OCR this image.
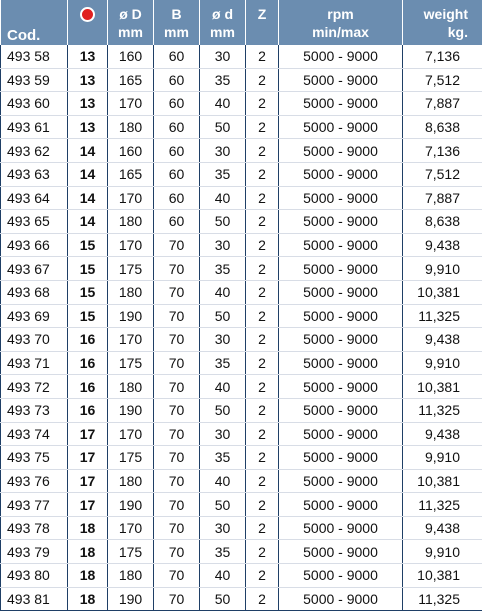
Cod.		ø D	B	ø d	Z	rpm	weight
		mm	mm	mm		min/max	kg.
493 58	13	160	60	30	2	5000 - 9000	7,136
493 59	13	165	60	35	2	5000 - 9000	7,512
493 60	13	170	60	40	2	5000 - 9000	7,887
493 61	13	180	60	50	2	5000 - 9000	8,638
493 62	14	160	60	30	2	5000 - 9000	7,136
493 63	14	165	60	35	2	5000 - 9000	7,512
493 64	14	170	60	40	2	5000 - 9000	7,887
493 65	14	180	60	50	2	5000 - 9000	8,638
493 66	15	170	70	30	2	5000 - 9000	9,438
493 67	15	175	70	35	2	5000 - 9000	9,910
493 68	15	180	70	40	2	5000 - 9000	10,381
493 69	15	190	70	50	2	5000 - 9000	11,325
493 70	16	170	70	30	2	5000 - 9000	9,438
493 71	16	175	70	35	2	5000 - 9000	9,910
493 72	16	180	70	40	2	5000 - 9000	10,381
493 73	16	190	70	50	2	5000 - 9000	11,325
493 74	17	170	70	30	2	5000 - 9000	9,438
493 75	17	175	70	35	2	5000 - 9000	9,910
493 76	17	180	70	40	2	5000 - 9000	10,381
493 77	17	190	70	50	2	5000 - 9000	11,325
493 78	18	170	70	30	2	5000 - 9000	9,438
493 79	18	175	70	35	2	5000 - 9000	9,910
493 80	18	180	70	40	2	5000 - 9000	10,381
493 81	18	190	70	50	2	5000 - 9000	11,325
